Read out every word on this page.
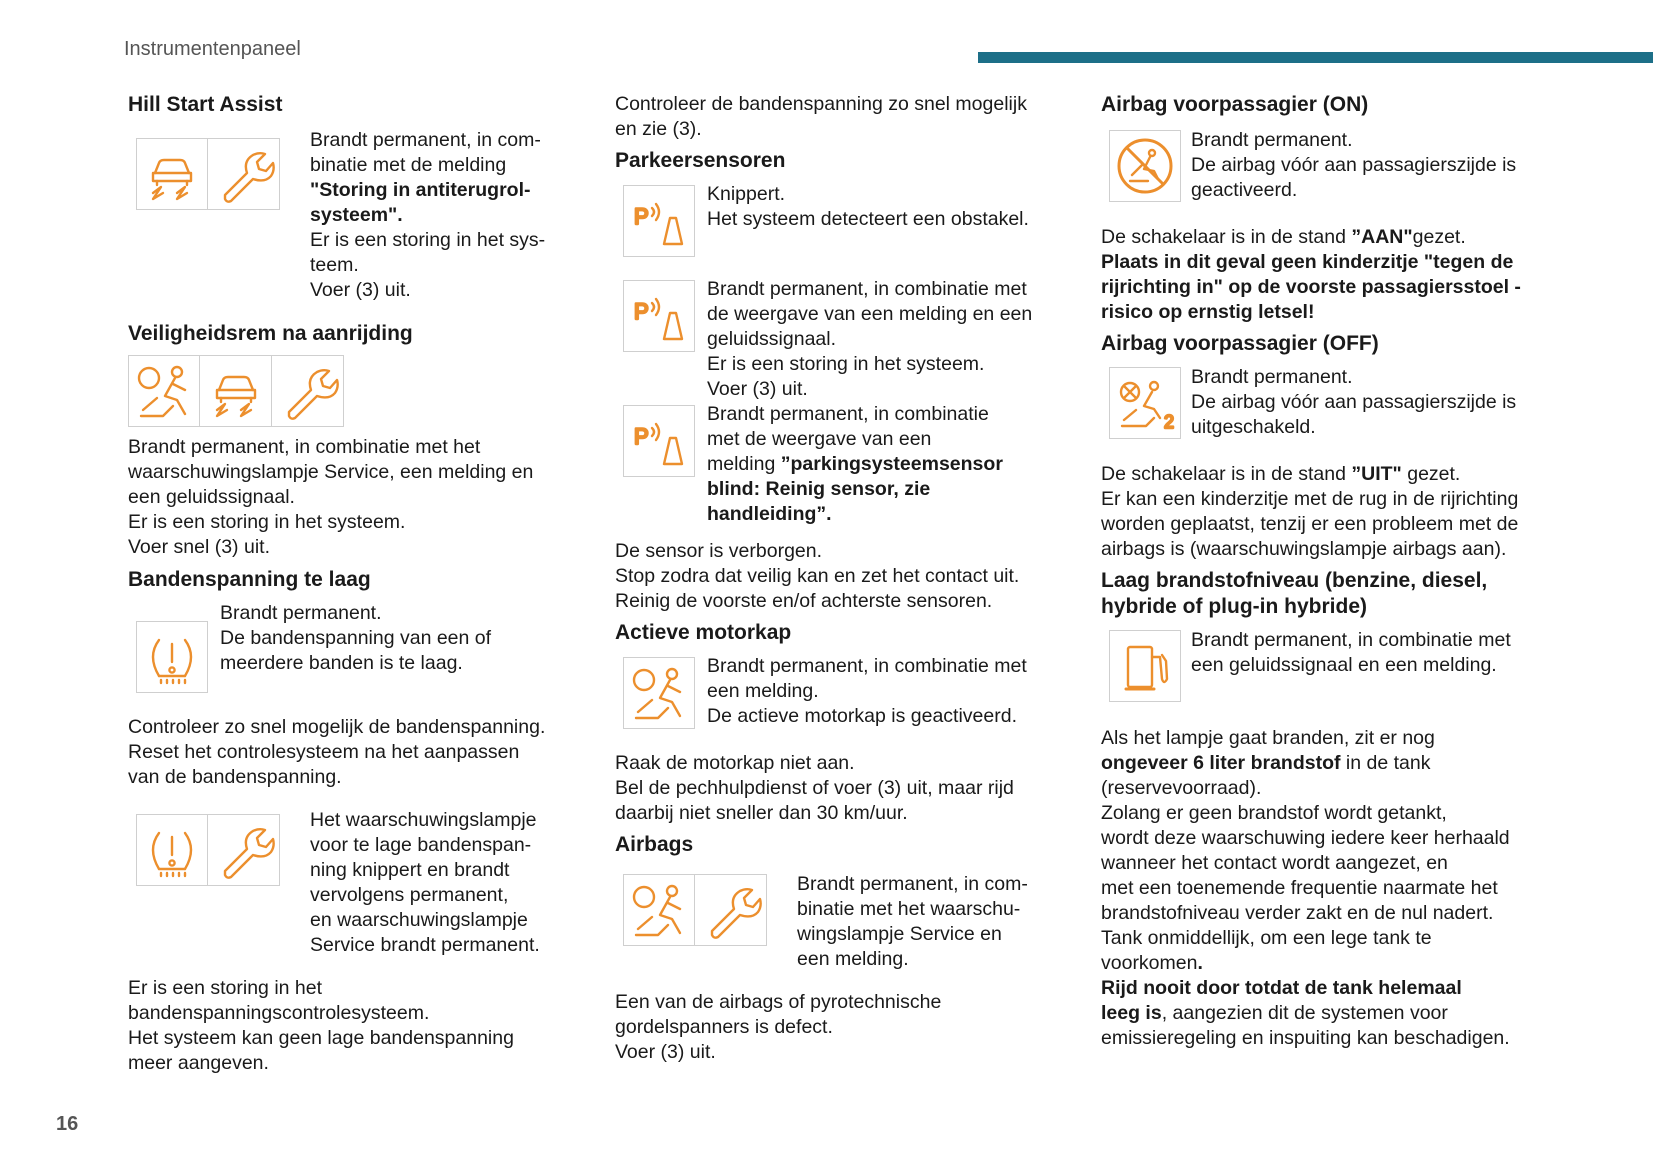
Instrumentenpaneel
Hill Start Assist
Brandt permanent, in com-
binatie met de melding
"Storing in antiterugrol-
systeem".
Er is een storing in het sys-
teem.
Voer (3) uit.
Veiligheidsrem na aanrijding

Brandt permanent, in combinatie met het
waarschuwingslampje Service, een melding en
een geluidssignaal.
Er is een storing in het systeem.
Voer snel (3) uit.

Bandenspanning te laag
Brandt permanent.
De bandenspanning van een of
meerdere banden is te laag.

Controleer zo snel mogelijk de bandenspanning.
Reset het controlesysteem na het aanpassen
van de bandenspanning.

Het waarschuwingslampje
voor te lage bandenspan-
ning knippert en brandt
vervolgens permanent,
en waarschuwingslampje
Service brandt permanent.

Er is een storing in het
bandenspanningscontrolesysteem.
Het systeem kan geen lage bandenspanning
meer aangeven.

Controleer de bandenspanning zo snel mogelijk
en zie (3).

Parkeersensoren
Knippert.
Het systeem detecteert een obstakel.
Brandt permanent, in combinatie met
de weergave van een melding en een
geluidssignaal.
Er is een storing in het systeem.
Voer (3) uit.
Brandt permanent, in combinatie
met de weergave van een
melding ”parkingsysteemsensor
blind: Reinig sensor, zie
handleiding”.

De sensor is verborgen.
Stop zodra dat veilig kan en zet het contact uit.
Reinig de voorste en/of achterste sensoren.

Actieve motorkap
Brandt permanent, in combinatie met
een melding.
De actieve motorkap is geactiveerd.

Raak de motorkap niet aan.
Bel de pechhulpdienst of voer (3) uit, maar rijd
daarbij niet sneller dan 30 km/uur.

Airbags
Brandt permanent, in com-
binatie met het waarschu-
wingslampje Service en
een melding.

Een van de airbags of pyrotechnische
gordelspanners is defect.
Voer (3) uit.

Airbag voorpassagier (ON)
Brandt permanent.
De airbag vóór aan passagierszijde is
geactiveerd.

De schakelaar is in de stand ”AAN"gezet.
Plaats in dit geval geen kinderzitje "tegen de
rijrichting in" op de voorste passagiersstoel -
risico op ernstig letsel!

Airbag voorpassagier (OFF)
Brandt permanent.
De airbag vóór aan passagierszijde is
uitgeschakeld.

De schakelaar is in de stand ”UIT" gezet.
Er kan een kinderzitje met de rug in de rijrichting
worden geplaatst, tenzij er een probleem met de
airbags is (waarschuwingslampje airbags aan).

Laag brandstofniveau (benzine, diesel,
hybride of plug-in hybride)
Brandt permanent, in combinatie met
een geluidssignaal en een melding.

Als het lampje gaat branden, zit er nog
ongeveer 6 liter brandstof in de tank
(reservevoorraad).
Zolang er geen brandstof wordt getankt,
wordt deze waarschuwing iedere keer herhaald
wanneer het contact wordt aangezet, en
met een toenemende frequentie naarmate het
brandstofniveau verder zakt en de nul nadert.
Tank onmiddellijk, om een lege tank te
voorkomen.
Rijd nooit door totdat de tank helemaal
leeg is, aangezien dit de systemen voor
emissieregeling en inspuiting kan beschadigen.

16
